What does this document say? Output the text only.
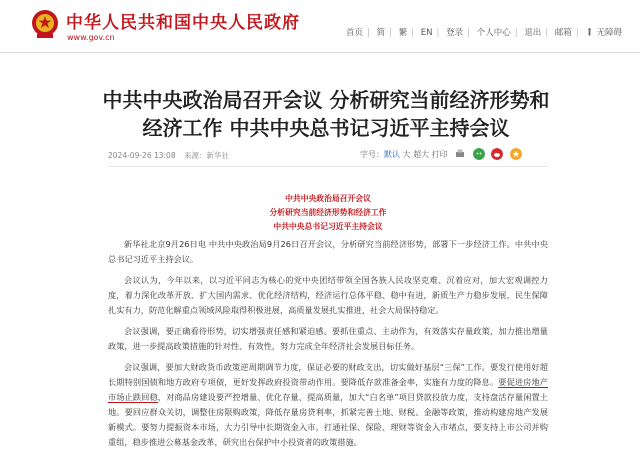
中华人民共和国中央人民政府
www.gov.cn	首页 | 简 | 繁 | EN | 登录 | 个人中心 | 退出 | 邮箱 | 无障碍
中共中央政治局召开会议 分析研究当前经济形势和经济工作 中共中央总书记习近平主持会议
2024-09-26 13:08 来源：新华社	字号：默认 大 超大 打印
中共中央政治局召开会议
分析研究当前经济形势和经济工作
中共中央总书记习近平主持会议

新华社北京9月26日电 中共中央政治局9月26日召开会议，分析研究当前经济形势，部署下一步经济工作。中共中央总书记习近平主持会议。

会议认为，今年以来，以习近平同志为核心的党中央团结带领全国各族人民攻坚克难、沉着应对，加大宏观调控力度，着力深化改革开放、扩大国内需求、优化经济结构，经济运行总体平稳、稳中有进，新质生产力稳步发展，民生保障扎实有力，防范化解重点领域风险取得积极进展，高质量发展扎实推进，社会大局保持稳定。

会议强调，要正确看待形势，切实增强责任感和紧迫感。要抓住重点、主动作为，有效落实存量政策，加力推出增量政策，进一步提高政策措施的针对性、有效性，努力完成全年经济社会发展目标任务。

会议强调，要加大财政货币政策逆周期调节力度，保证必要的财政支出，切实做好基层“三保”工作。要发行使用好超长期特别国债和地方政府专项债，更好发挥政府投资带动作用。要降低存款准备金率，实施有力度的降息。要促进房地产市场止跌回稳，对商品房建设要严控增量、优化存量、提高质量，加大“白名单”项目贷款投放力度，支持盘活存量闲置土地。要回应群众关切，调整住房限购政策，降低存量房贷利率，抓紧完善土地、财税、金融等政策，推动构建房地产发展新模式。要努力提振资本市场，大力引导中长期资金入市，打通社保、保险、理财等资金入市堵点，要支持上市公司并购重组，稳步推进公募基金改革，研究出台保护中小投资者的政策措施。
